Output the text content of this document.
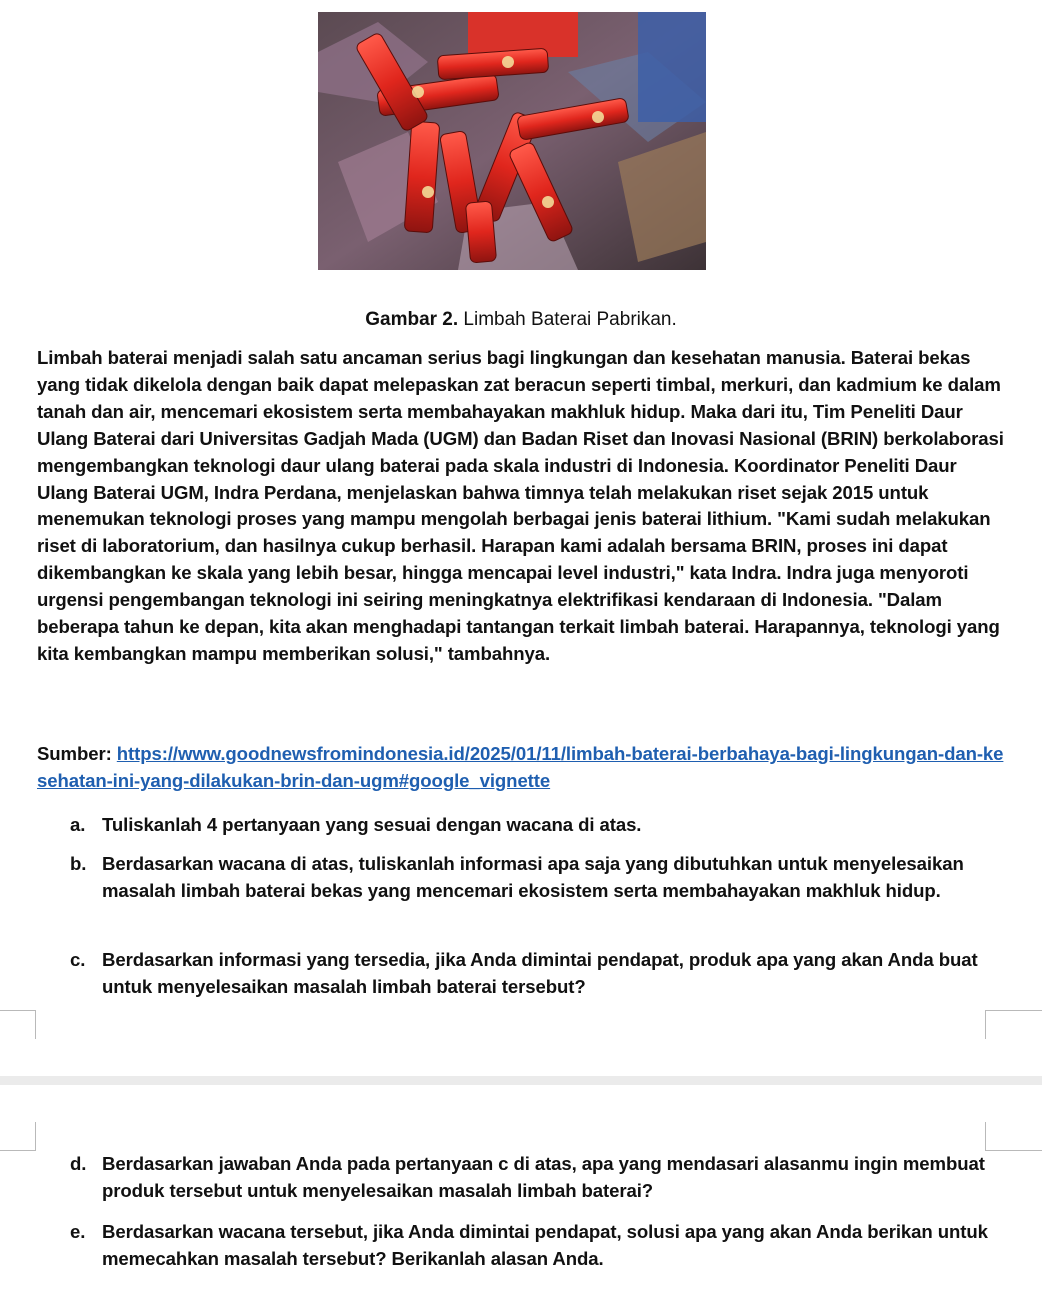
Gambar 2. Limbah Baterai Pabrikan.

Limbah baterai menjadi salah satu ancaman serius bagi lingkungan dan kesehatan manusia. Baterai bekas yang tidak dikelola dengan baik dapat melepaskan zat beracun seperti timbal, merkuri, dan kadmium ke dalam tanah dan air, mencemari ekosistem serta membahayakan makhluk hidup. Maka dari itu, Tim Peneliti Daur Ulang Baterai dari Universitas Gadjah Mada (UGM) dan Badan Riset dan Inovasi Nasional (BRIN) berkolaborasi mengembangkan teknologi daur ulang baterai pada skala industri di Indonesia. Koordinator Peneliti Daur Ulang Baterai UGM, Indra Perdana, menjelaskan bahwa timnya telah melakukan riset sejak 2015 untuk menemukan teknologi proses yang mampu mengolah berbagai jenis baterai lithium. "Kami sudah melakukan riset di laboratorium, dan hasilnya cukup berhasil. Harapan kami adalah bersama BRIN, proses ini dapat dikembangkan ke skala yang lebih besar, hingga mencapai level industri," kata Indra. Indra juga menyoroti urgensi pengembangan teknologi ini seiring meningkatnya elektrifikasi kendaraan di Indonesia. "Dalam beberapa tahun ke depan, kita akan menghadapi tantangan terkait limbah baterai. Harapannya, teknologi yang kita kembangkan mampu memberikan solusi," tambahnya.

Sumber: https://www.goodnewsfromindonesia.id/2025/01/11/limbah-baterai-berbahaya-bagi-lingkungan-dan-kesehatan-ini-yang-dilakukan-brin-dan-ugm#google_vignette

a. Tuliskanlah 4 pertanyaan yang sesuai dengan wacana di atas.
b. Berdasarkan wacana di atas, tuliskanlah informasi apa saja yang dibutuhkan untuk menyelesaikan masalah limbah baterai bekas yang mencemari ekosistem serta membahayakan makhluk hidup.
c. Berdasarkan informasi yang tersedia, jika Anda dimintai pendapat, produk apa yang akan Anda buat untuk menyelesaikan masalah limbah baterai tersebut?
d. Berdasarkan jawaban Anda pada pertanyaan c di atas, apa yang mendasari alasanmu ingin membuat produk tersebut untuk menyelesaikan masalah limbah baterai?
e. Berdasarkan wacana tersebut, jika Anda dimintai pendapat, solusi apa yang akan Anda berikan untuk memecahkan masalah tersebut? Berikanlah alasan Anda.
